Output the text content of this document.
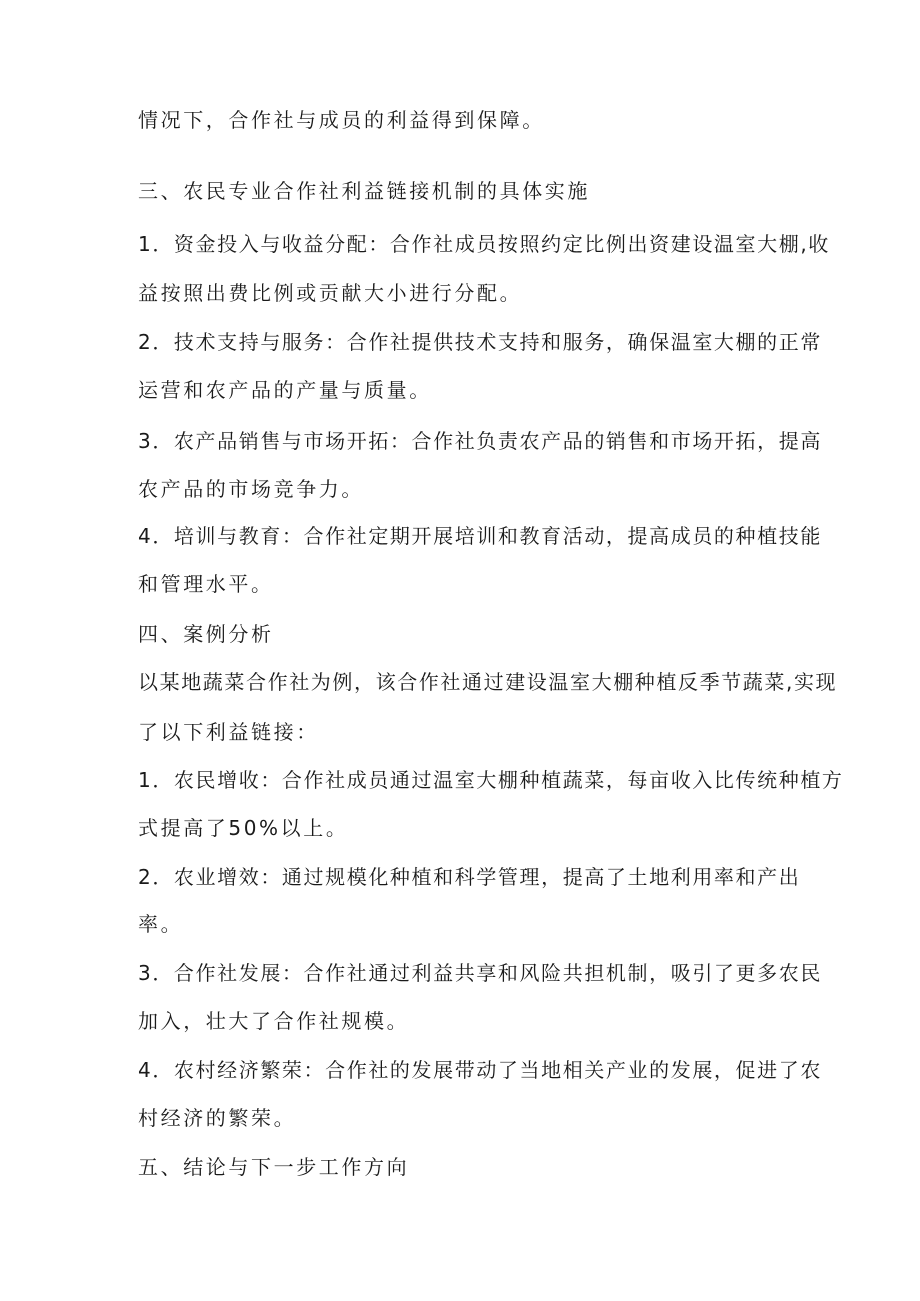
情况下，合作社与成员的利益得到保障。
三、农民专业合作社利益链接机制的具体实施
1．资金投入与收益分配：合作社成员按照约定比例出资建设温室大棚,收
益按照出费比例或贡献大小进行分配。
2．技术支持与服务：合作社提供技术支持和服务，确保温室大棚的正常
运营和农产品的产量与质量。
3．农产品销售与市场开拓：合作社负责农产品的销售和市场开拓，提高
农产品的市场竞争力。
4．培训与教育：合作社定期开展培训和教育活动，提高成员的种植技能
和管理水平。
四、案例分析
以某地蔬菜合作社为例，该合作社通过建设温室大棚种植反季节蔬菜,实现
了以下利益链接：
1．农民增收：合作社成员通过温室大棚种植蔬菜，每亩收入比传统种植方
式提高了50%以上。
2．农业增效：通过规模化种植和科学管理，提高了土地利用率和产出
率。
3．合作社发展：合作社通过利益共享和风险共担机制，吸引了更多农民
加入，壮大了合作社规模。
4．农村经济繁荣：合作社的发展带动了当地相关产业的发展，促进了农
村经济的繁荣。
五、结论与下一步工作方向
